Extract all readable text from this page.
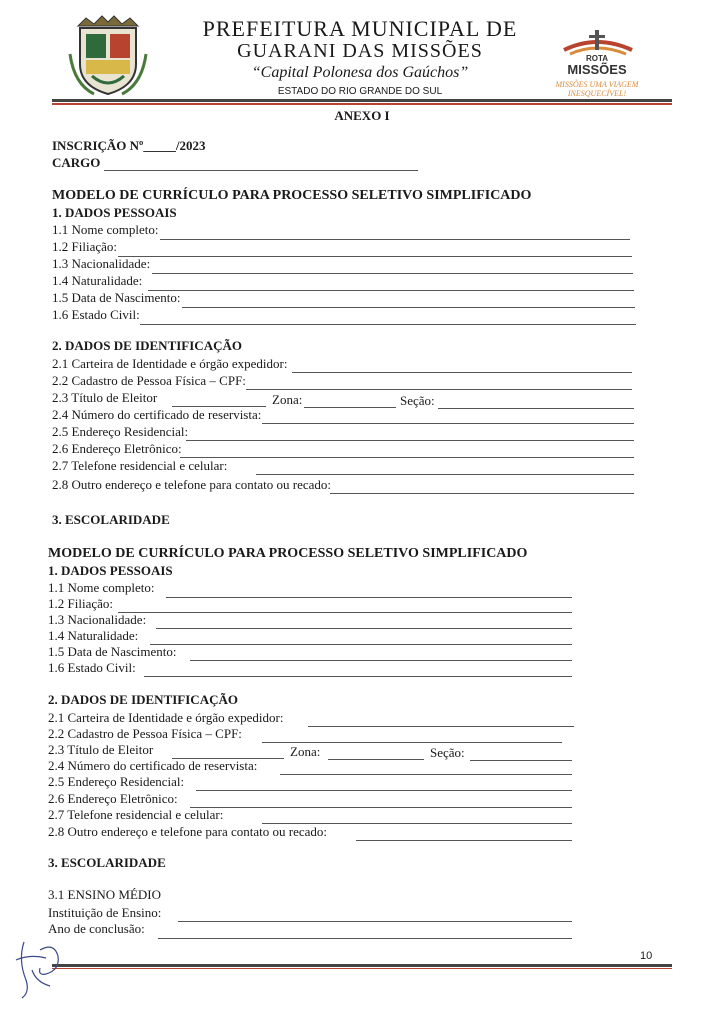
PREFEITURA MUNICIPAL DE
GUARANI DAS MISSÕES
“Capital Polonesa dos Gaúchos”
ESTADO DO RIO GRANDE DO SUL
ROTA
MISSÕES
MISSÕES UMA VIAGEM
INESQUECÍVEL!
ANEXO I
INSCRIÇÃO Nº_____/2023
CARGO
MODELO DE CURRÍCULO PARA PROCESSO SELETIVO SIMPLIFICADO
1. DADOS PESSOAIS
1.1 Nome completo:
1.2 Filiação:
1.3 Nacionalidade:
1.4 Naturalidade:
1.5 Data de Nascimento:
1.6 Estado Civil:
2. DADOS DE IDENTIFICAÇÃO
2.1 Carteira de Identidade e órgão expedidor:
2.2 Cadastro de Pessoa Física – CPF:
2.3 Título de Eleitor	Zona:	Seção:
2.4 Número do certificado de reservista:
2.5 Endereço Residencial:
2.6 Endereço Eletrônico:
2.7 Telefone residencial e celular:
2.8 Outro endereço e telefone para contato ou recado:
3. ESCOLARIDADE
MODELO DE CURRÍCULO PARA PROCESSO SELETIVO SIMPLIFICADO
1. DADOS PESSOAIS
1.1 Nome completo:
1.2 Filiação:
1.3 Nacionalidade:
1.4 Naturalidade:
1.5 Data de Nascimento:
1.6 Estado Civil:
2. DADOS DE IDENTIFICAÇÃO
2.1 Carteira de Identidade e órgão expedidor:
2.2 Cadastro de Pessoa Física – CPF:
2.3 Título de Eleitor	Zona:	Seção:
2.4 Número do certificado de reservista:
2.5 Endereço Residencial:
2.6 Endereço Eletrônico:
2.7 Telefone residencial e celular:
2.8 Outro endereço e telefone para contato ou recado:
3. ESCOLARIDADE
3.1 ENSINO MÉDIO
Instituição de Ensino:
Ano de conclusão:
10
